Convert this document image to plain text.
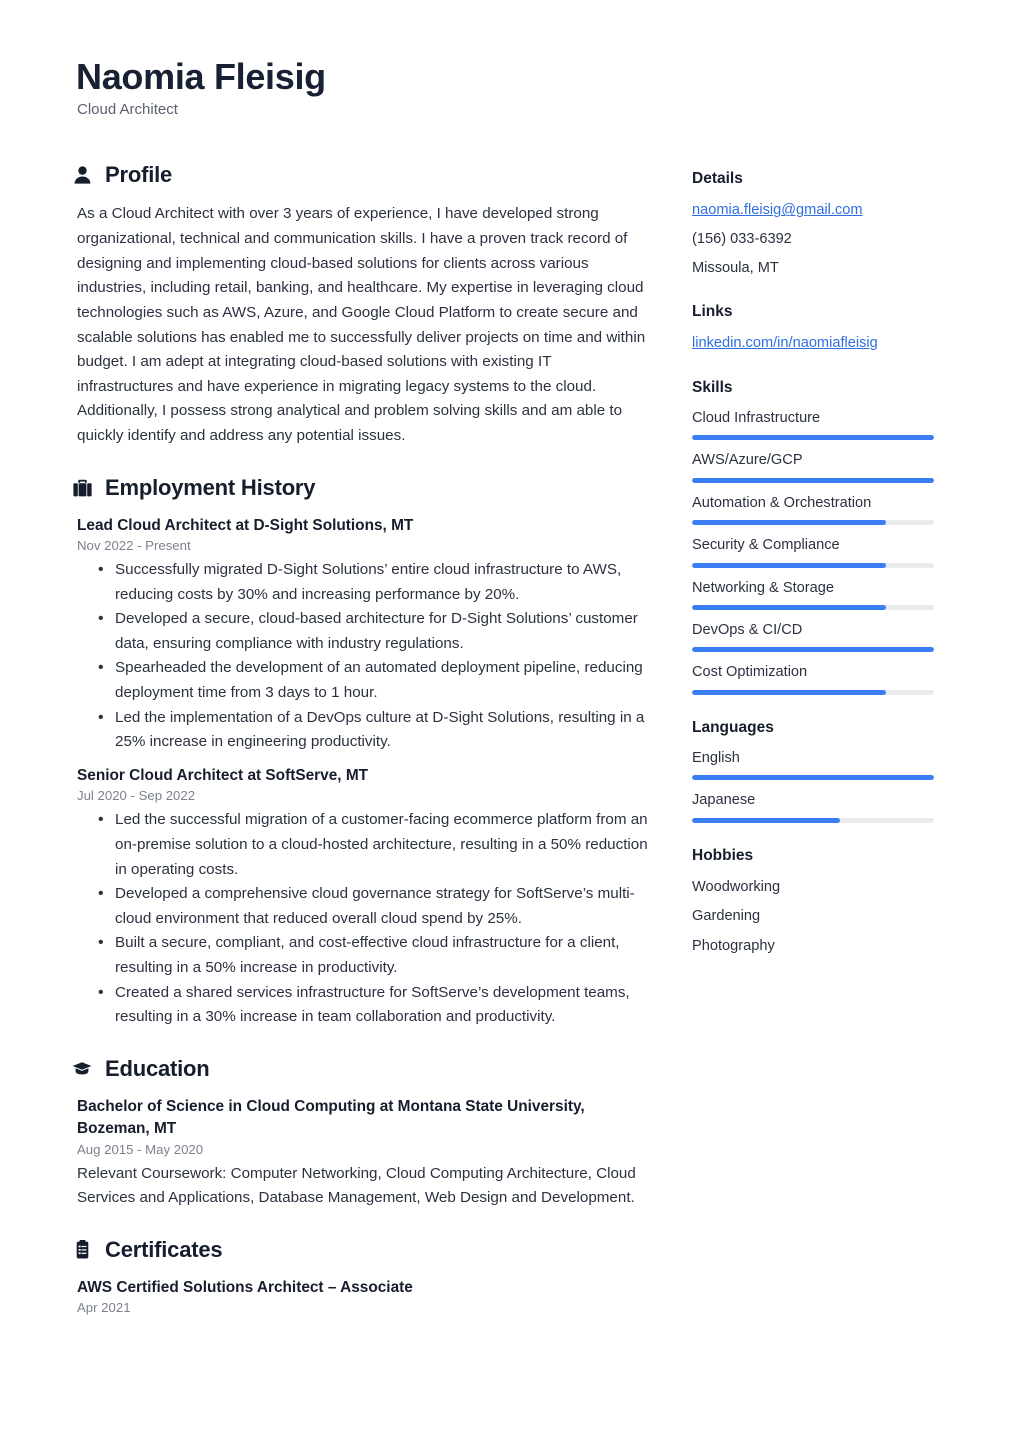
Naomia Fleisig
Cloud Architect
Profile

As a Cloud Architect with over 3 years of experience, I have developed strong organizational, technical and communication skills. I have a proven track record of designing and implementing cloud-based solutions for clients across various industries, including retail, banking, and healthcare. My expertise in leveraging cloud technologies such as AWS, Azure, and Google Cloud Platform to create secure and scalable solutions has enabled me to successfully deliver projects on time and within budget. I am adept at integrating cloud-based solutions with existing IT infrastructures and have experience in migrating legacy systems to the cloud. Additionally, I possess strong analytical and problem solving skills and am able to quickly identify and address any potential issues.

Employment History
Lead Cloud Architect at D-Sight Solutions, MT
Nov 2022 - Present
• Successfully migrated D-Sight Solutions’ entire cloud infrastructure to AWS, reducing costs by 30% and increasing performance by 20%.
• Developed a secure, cloud-based architecture for D-Sight Solutions’ customer data, ensuring compliance with industry regulations.
• Spearheaded the development of an automated deployment pipeline, reducing deployment time from 3 days to 1 hour.
• Led the implementation of a DevOps culture at D-Sight Solutions, resulting in a 25% increase in engineering productivity.
Senior Cloud Architect at SoftServe, MT
Jul 2020 - Sep 2022
• Led the successful migration of a customer-facing ecommerce platform from an on-premise solution to a cloud-hosted architecture, resulting in a 50% reduction in operating costs.
• Developed a comprehensive cloud governance strategy for SoftServe’s multi-cloud environment that reduced overall cloud spend by 25%.
• Built a secure, compliant, and cost-effective cloud infrastructure for a client, resulting in a 50% increase in productivity.
• Created a shared services infrastructure for SoftServe’s development teams, resulting in a 30% increase in team collaboration and productivity.
Education
Bachelor of Science in Cloud Computing at Montana State University, Bozeman, MT
Aug 2015 - May 2020

Relevant Coursework: Computer Networking, Cloud Computing Architecture, Cloud Services and Applications, Database Management, Web Design and Development.

Certificates
AWS Certified Solutions Architect – Associate
Apr 2021
Details
naomia.fleisig@gmail.com
(156) 033-6392
Missoula, MT
Links
linkedin.com/in/naomiafleisig
Skills
Cloud Infrastructure
AWS/Azure/GCP
Automation & Orchestration
Security & Compliance
Networking & Storage
DevOps & CI/CD
Cost Optimization
Languages
English
Japanese
Hobbies
Woodworking
Gardening
Photography
